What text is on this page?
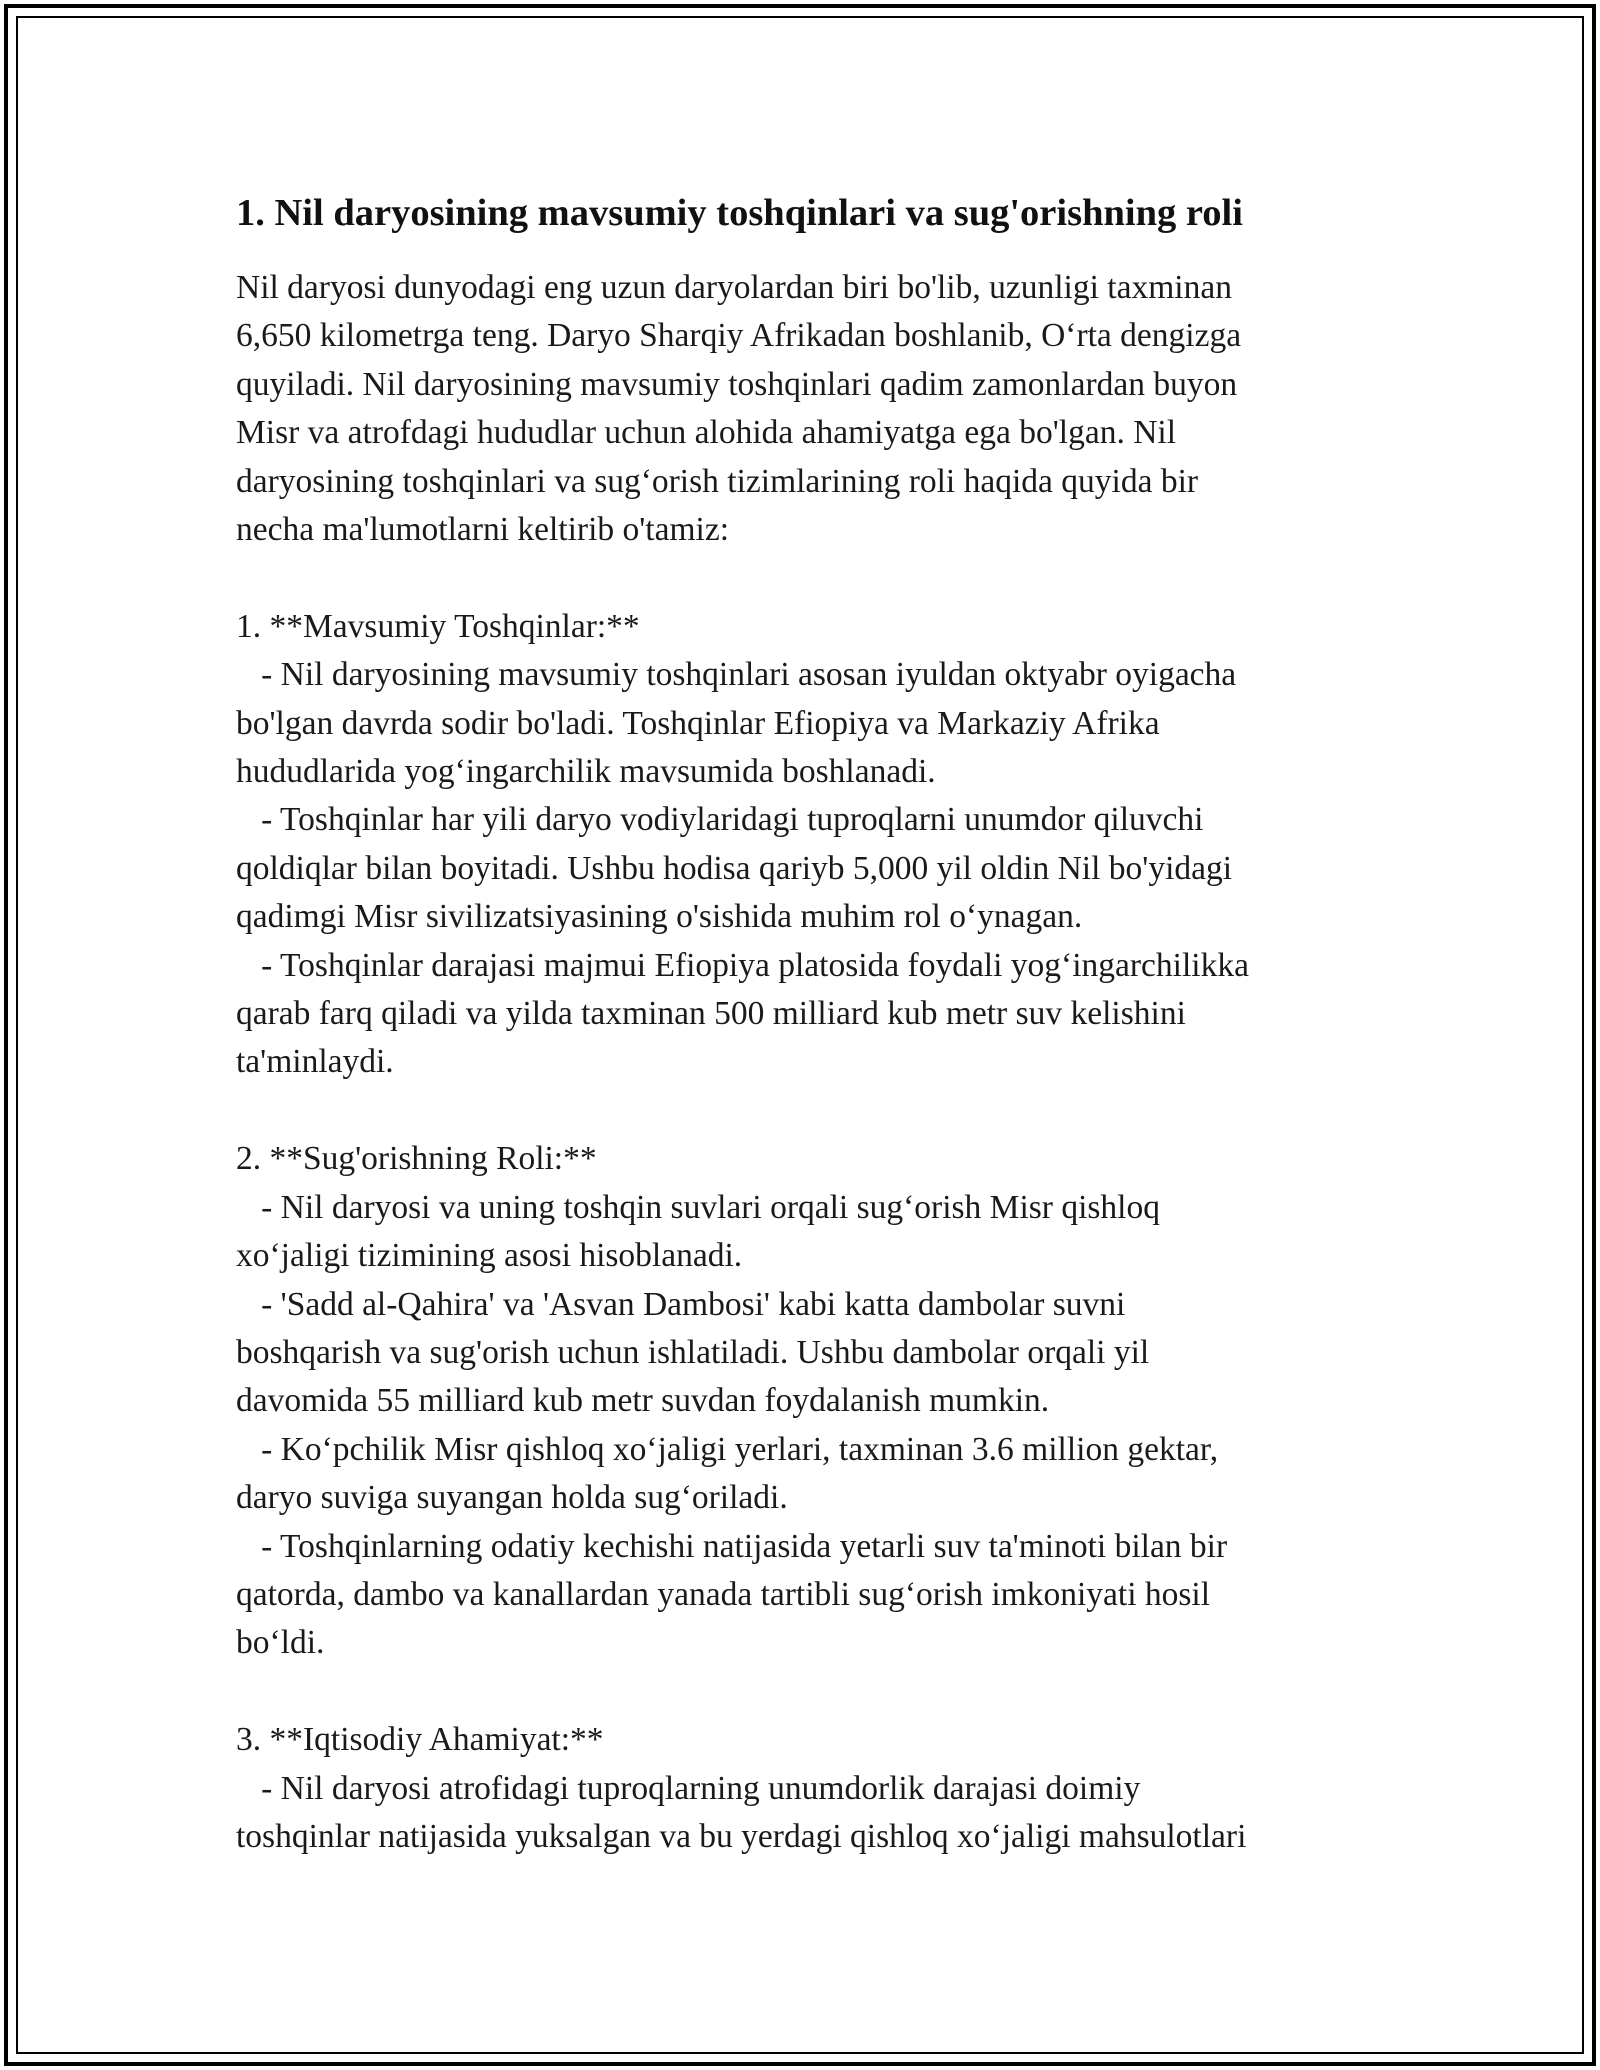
1. Nil daryosining mavsumiy toshqinlari va sug'orishning roli
Nil daryosi dunyodagi eng uzun daryolardan biri bo'lib, uzunligi taxminan
6,650 kilometrga teng. Daryo Sharqiy Afrikadan boshlanib, O‘rta dengizga
quyiladi. Nil daryosining mavsumiy toshqinlari qadim zamonlardan buyon
Misr va atrofdagi hududlar uchun alohida ahamiyatga ega bo'lgan. Nil
daryosining toshqinlari va sug‘orish tizimlarining roli haqida quyida bir
necha ma'lumotlarni keltirib o'tamiz:
1. **Mavsumiy Toshqinlar:**
- Nil daryosining mavsumiy toshqinlari asosan iyuldan oktyabr oyigacha
bo'lgan davrda sodir bo'ladi. Toshqinlar Efiopiya va Markaziy Afrika
hududlarida yog‘ingarchilik mavsumida boshlanadi.
- Toshqinlar har yili daryo vodiylaridagi tuproqlarni unumdor qiluvchi
qoldiqlar bilan boyitadi. Ushbu hodisa qariyb 5,000 yil oldin Nil bo'yidagi
qadimgi Misr sivilizatsiyasining o'sishida muhim rol o‘ynagan.
- Toshqinlar darajasi majmui Efiopiya platosida foydali yog‘ingarchilikka
qarab farq qiladi va yilda taxminan 500 milliard kub metr suv kelishini
ta'minlaydi.
2. **Sug'orishning Roli:**
- Nil daryosi va uning toshqin suvlari orqali sug‘orish Misr qishloq
xo‘jaligi tizimining asosi hisoblanadi.
- 'Sadd al-Qahira' va 'Asvan Dambosi' kabi katta dambolar suvni
boshqarish va sug'orish uchun ishlatiladi. Ushbu dambolar orqali yil
davomida 55 milliard kub metr suvdan foydalanish mumkin.
- Ko‘pchilik Misr qishloq xo‘jaligi yerlari, taxminan 3.6 million gektar,
daryo suviga suyangan holda sug‘oriladi.
- Toshqinlarning odatiy kechishi natijasida yetarli suv ta'minoti bilan bir
qatorda, dambo va kanallardan yanada tartibli sug‘orish imkoniyati hosil
bo‘ldi.
3. **Iqtisodiy Ahamiyat:**
- Nil daryosi atrofidagi tuproqlarning unumdorlik darajasi doimiy
toshqinlar natijasida yuksalgan va bu yerdagi qishloq xo‘jaligi mahsulotlari
